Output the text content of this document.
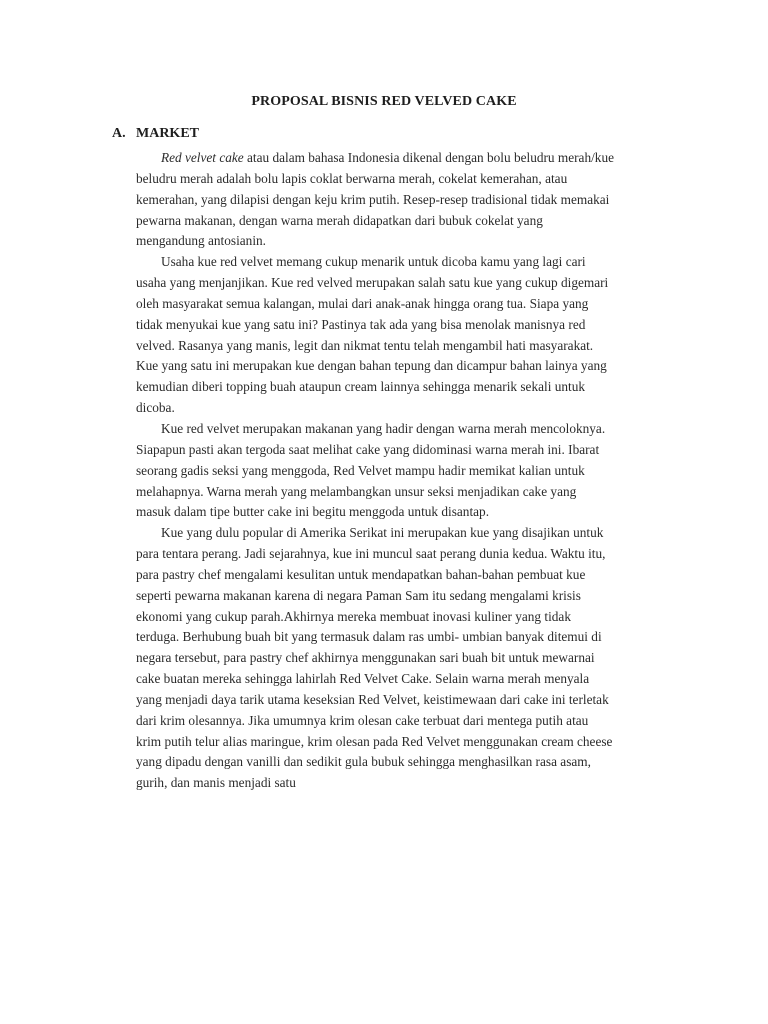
PROPOSAL BISNIS RED VELVED CAKE
A. MARKET

Red velvet cake atau dalam bahasa Indonesia dikenal dengan bolu beludru merah/kue
beludru merah adalah bolu lapis coklat berwarna merah, cokelat kemerahan, atau
kemerahan, yang dilapisi dengan keju krim putih. Resep-resep tradisional tidak memakai
pewarna makanan, dengan warna merah didapatkan dari bubuk cokelat yang
mengandung antosianin.

Usaha kue red velvet memang cukup menarik untuk dicoba kamu yang lagi cari
usaha yang menjanjikan. Kue red velved merupakan salah satu kue yang cukup digemari
oleh masyarakat semua kalangan, mulai dari anak-anak hingga orang tua. Siapa yang
tidak menyukai kue yang satu ini? Pastinya tak ada yang bisa menolak manisnya red
velved. Rasanya yang manis, legit dan nikmat tentu telah mengambil hati masyarakat.
Kue yang satu ini merupakan kue dengan bahan tepung dan dicampur bahan lainya yang
kemudian diberi topping buah ataupun cream lainnya sehingga menarik sekali untuk
dicoba.

Kue red velvet merupakan makanan yang hadir dengan warna merah mencoloknya.
Siapapun pasti akan tergoda saat melihat cake yang didominasi warna merah ini. Ibarat
seorang gadis seksi yang menggoda, Red Velvet mampu hadir memikat kalian untuk
melahapnya. Warna merah yang melambangkan unsur seksi menjadikan cake yang
masuk dalam tipe butter cake ini begitu menggoda untuk disantap.

Kue yang dulu popular di Amerika Serikat ini merupakan kue yang disajikan untuk
para tentara perang. Jadi sejarahnya, kue ini muncul saat perang dunia kedua. Waktu itu,
para pastry chef mengalami kesulitan untuk mendapatkan bahan-bahan pembuat kue
seperti pewarna makanan karena di negara Paman Sam itu sedang mengalami krisis
ekonomi yang cukup parah.Akhirnya mereka membuat inovasi kuliner yang tidak
terduga. Berhubung buah bit yang termasuk dalam ras umbi- umbian banyak ditemui di
negara tersebut, para pastry chef akhirnya menggunakan sari buah bit untuk mewarnai
cake buatan mereka sehingga lahirlah Red Velvet Cake. Selain warna merah menyala
yang menjadi daya tarik utama keseksian Red Velvet, keistimewaan dari cake ini terletak
dari krim olesannya. Jika umumnya krim olesan cake terbuat dari mentega putih atau
krim putih telur alias maringue, krim olesan pada Red Velvet menggunakan cream cheese
yang dipadu dengan vanilli dan sedikit gula bubuk sehingga menghasilkan rasa asam,
gurih, dan manis menjadi satu
